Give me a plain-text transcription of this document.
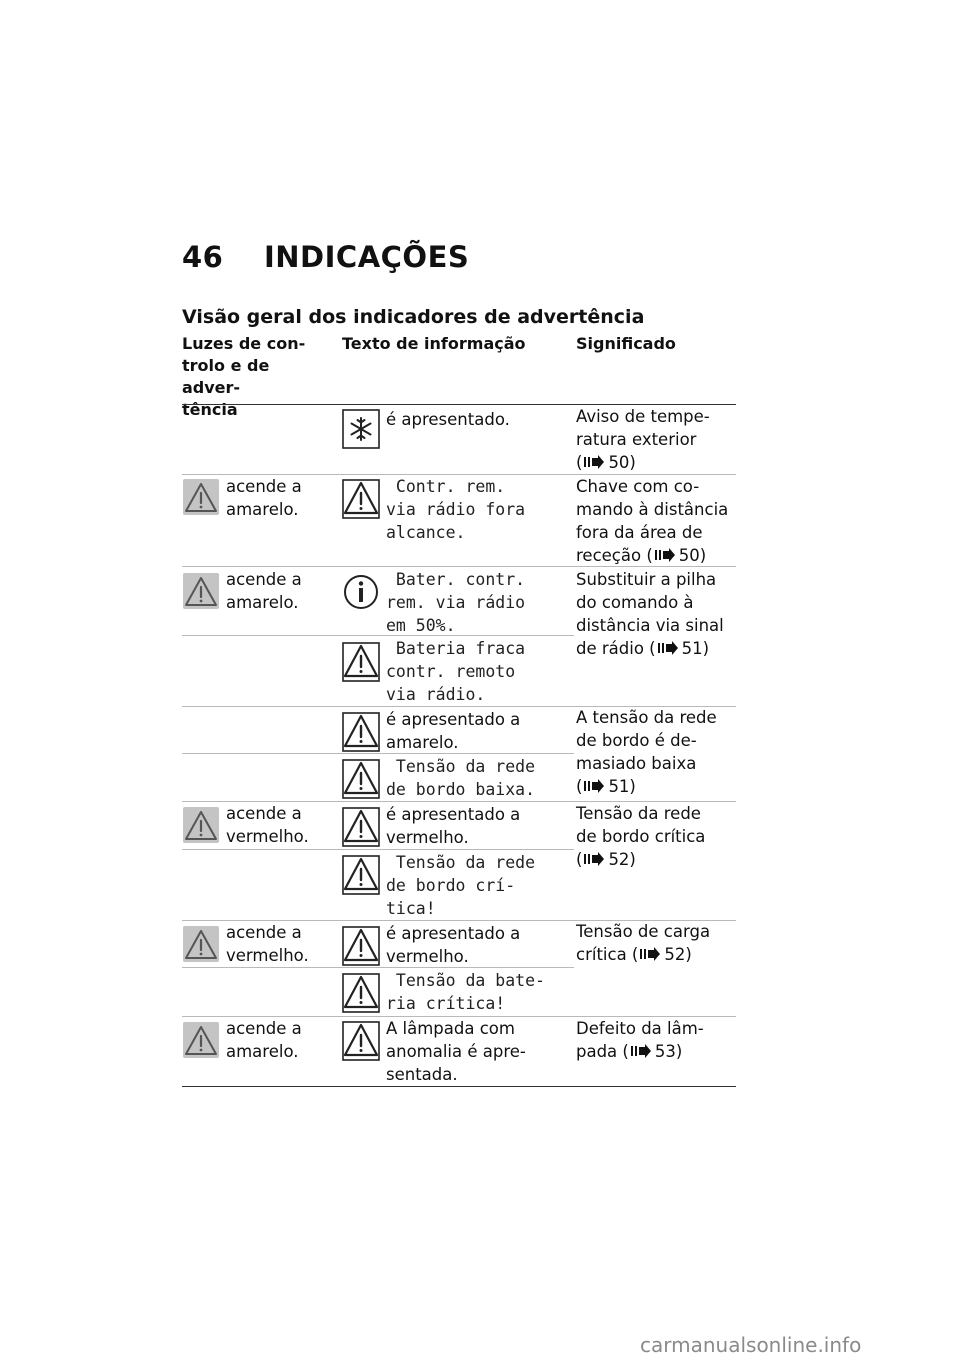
46 INDICAÇÕES
Visão geral dos indicadores de advertência
Luzes de con-
trolo e de adver-
tência
Texto de informação	Significado
é apresentado.	Aviso de tempe-
ratura exterior
( 50)
acende a
amarelo.
Contr. rem.
via rádio fora
alcance.
Chave com co-
mando à distância
fora da área de
receção ( 50)
acende a
amarelo.
Bater. contr.
rem. via rádio
em 50%.
Substituir a pilha
do comando à
distância via sinal
de rádio ( 51)
Bateria fraca
contr. remoto
via rádio.
é apresentado a
amarelo.
A tensão da rede
de bordo é de-
masiado baixa
( 51)
Tensão da rede
de bordo baixa.
acende a
vermelho.
é apresentado a
vermelho.
Tensão da rede
de bordo crítica
( 52)
Tensão da rede
de bordo crí-
tica!
acende a
vermelho.
é apresentado a
vermelho.
Tensão de carga
crítica ( 52)
Tensão da bate-
ria crítica!
acende a
amarelo.
A lâmpada com
anomalia é apre-
sentada.
Defeito da lâm-
pada ( 53)
carmanualsonline.info
